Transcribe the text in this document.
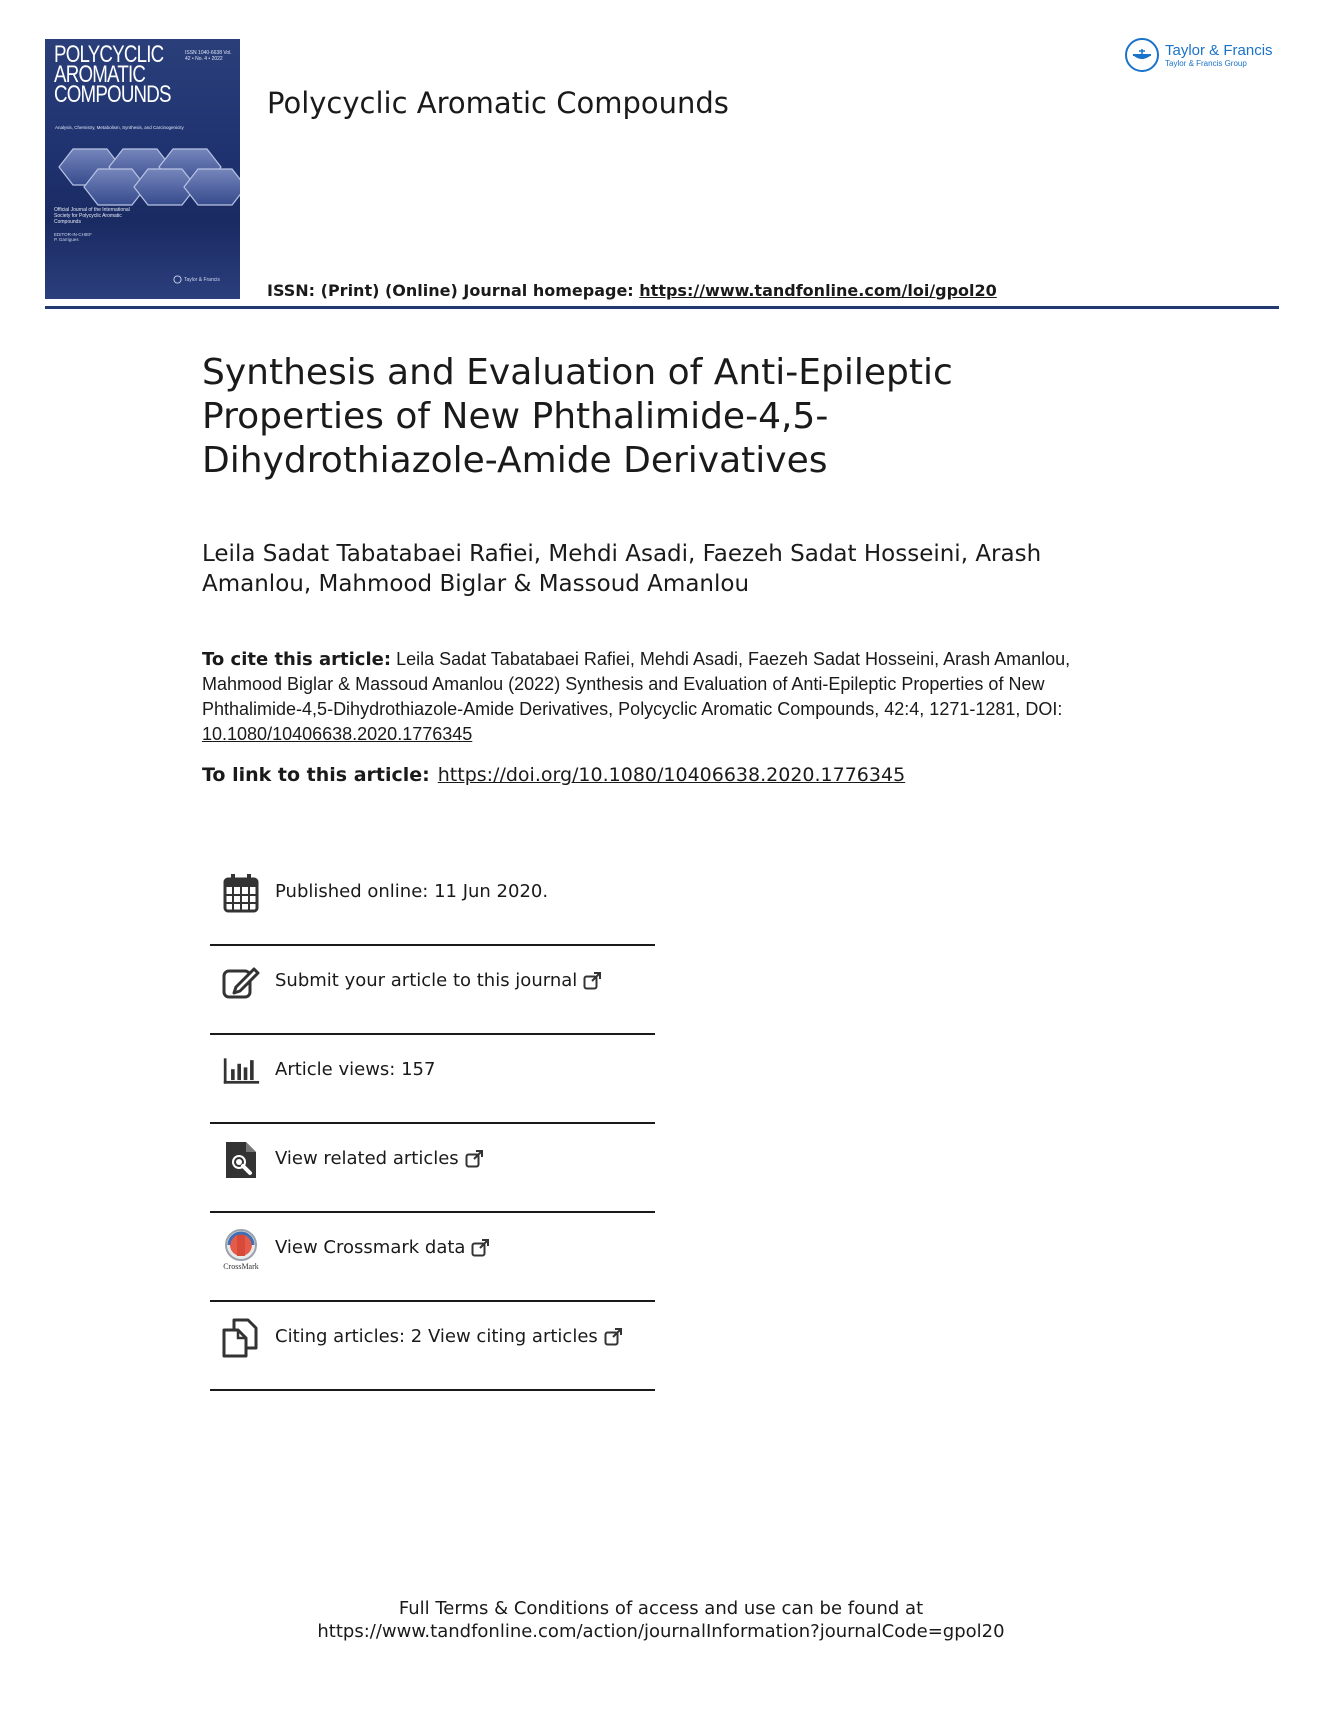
POLYCYCLIC
AROMATIC
COMPOUNDS
ISSN 1040-6638 Vol. 42 • No. 4 • 2022
Analysis, Chemistry, Metabolism, Synthesis, and Carcinogenicity
Official Journal of the International
Society for Polycyclic Aromatic
Compounds
EDITOR-IN-CHIEF
P. Garrigues
Taylor & Francis
Polycyclic Aromatic Compounds
Taylor & Francis
Taylor & Francis Group
ISSN: (Print) (Online) Journal homepage: https://www.tandfonline.com/loi/gpol20
Synthesis and Evaluation of Anti-Epileptic Properties of New Phthalimide-4,5-Dihydrothiazole-Amide Derivatives
Leila Sadat Tabatabaei Rafiei, Mehdi Asadi, Faezeh Sadat Hosseini, Arash Amanlou, Mahmood Biglar & Massoud Amanlou
To cite this article: Leila Sadat Tabatabaei Rafiei, Mehdi Asadi, Faezeh Sadat Hosseini, Arash Amanlou, Mahmood Biglar & Massoud Amanlou (2022) Synthesis and Evaluation of Anti-Epileptic Properties of New Phthalimide-4,5-Dihydrothiazole-Amide Derivatives, Polycyclic Aromatic Compounds, 42:4, 1271-1281, DOI: 10.1080/10406638.2020.1776345
To link to this article: https://doi.org/10.1080/10406638.2020.1776345
Published online: 11 Jun 2020.
Submit your article to this journal
Article views: 157
View related articles
CrossMark
View Crossmark data
Citing articles: 2 View citing articles
Full Terms & Conditions of access and use can be found at
https://www.tandfonline.com/action/journalInformation?journalCode=gpol20
